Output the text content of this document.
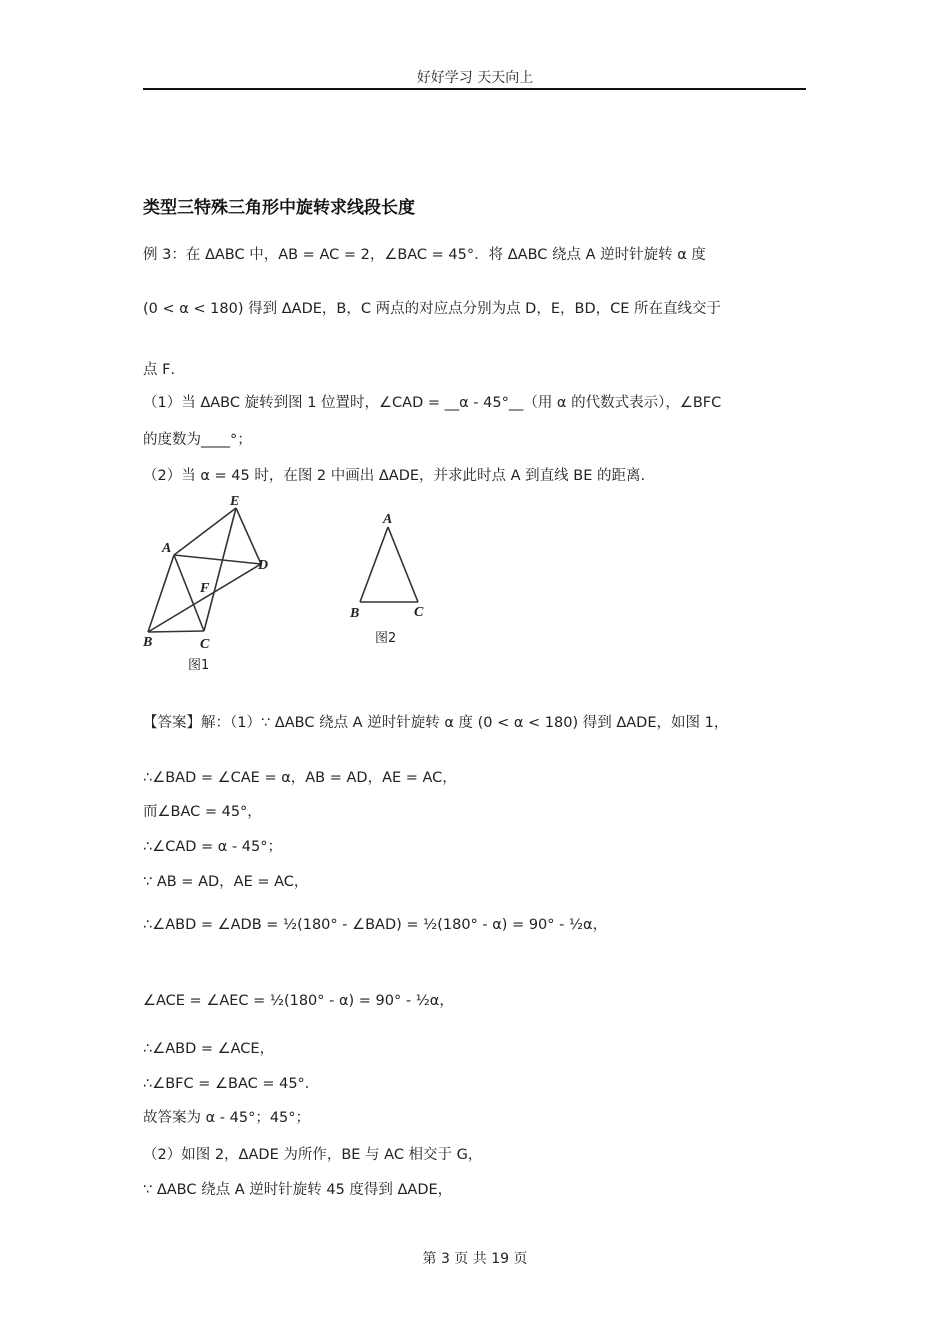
好好学习 天天向上
类型三特殊三角形中旋转求线段长度
例 3：在 ΔABC 中，AB = AC = 2，∠BAC = 45°．将 ΔABC 绕点 A 逆时针旋转 α 度
(0 < α < 180) 得到 ΔADE，B，C 两点的对应点分别为点 D，E，BD，CE 所在直线交于
点 F．
（1）当 ΔABC 旋转到图 1 位置时，∠CAD = __α - 45°__（用 α 的代数式表示），∠BFC
的度数为____°；
（2）当 α = 45 时，在图 2 中画出 ΔADE，并求此时点 A 到直线 BE 的距离.
A
E
D
F
B	C
图1
A
B	C
图2
【答案】解：（1）∵ ΔABC 绕点 A 逆时针旋转 α 度 (0 < α < 180) 得到 ΔADE，如图 1，
∴∠BAD = ∠CAE = α，AB = AD，AE = AC，
而∠BAC = 45°，
∴∠CAD = α - 45°；
∵ AB = AD，AE = AC，
∴∠ABD = ∠ADB = ½(180° - ∠BAD) = ½(180° - α) = 90° - ½α，
∠ACE = ∠AEC = ½(180° - α) = 90° - ½α，
∴∠ABD = ∠ACE，
∴∠BFC = ∠BAC = 45°．
故答案为 α - 45°；45°；
（2）如图 2，ΔADE 为所作，BE 与 AC 相交于 G，
∵ ΔABC 绕点 A 逆时针旋转 45 度得到 ΔADE，
第 3 页 共 19 页
